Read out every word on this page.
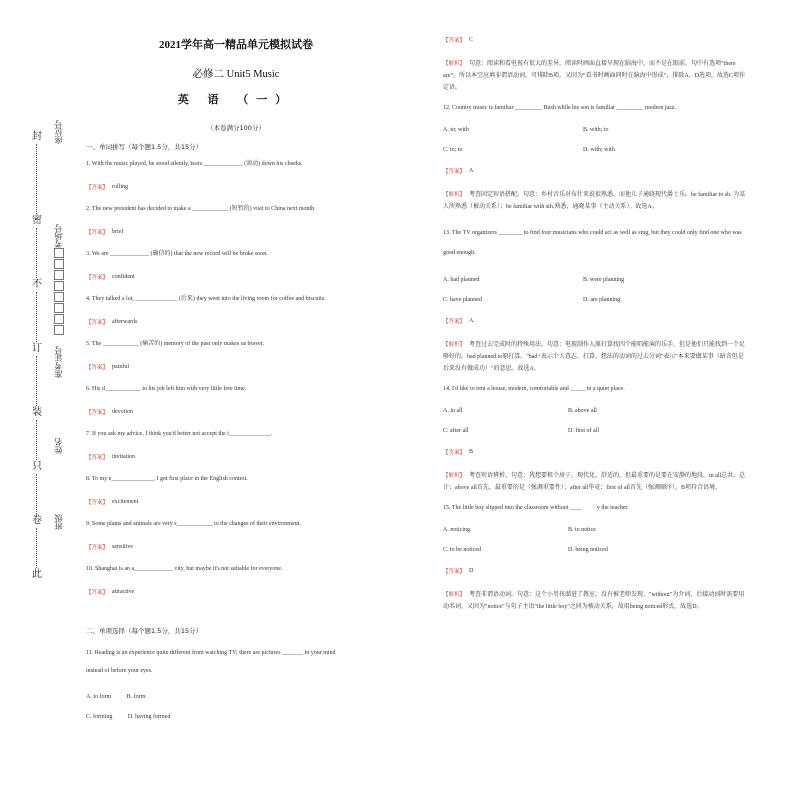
封
密
不
订
装
只
卷
此
座位号
考场号
准考证号
姓名
班级
2021学年高一精品单元模拟试卷
必修二 Unit5 Music
英 语 （一）
（本卷满分100分）
一、单词拼写（每个题1.5分，共15分）
1. With the music played, he stood silently, tears _____________ (滚动) down his cheeks.
【答案】 rolling
2. The new president has decided to make a ____________ (短暂的) visit to China next month.
【答案】 brief
3. We are _____________ (确信的) that the new record will be broke soon.
【答案】 confident
4. They talked a lot, ______________ (后来) they went into the living room for coffee and biscuits.
【答案】 afterwards
5. The ____________ (痛苦的) memory of the past only makes us braver.
【答案】 painful
6. His d____________ to his job left him with very little free time.
【答案】 devotion
7. If you ask my advice, I think you'd better not accept the i______________.
【答案】 invitation
8. To my e______________, I got first place in the English contest.
【答案】 excitement
9. Some plants and animals are very s____________ to the changes of their environment.
【答案】 sensitive
10. Shanghai is an a_____________ city, but maybe it's not suitable for everyone.
【答案】 attractive
二、单项选择（每个题1.5分，共15分）
11. Reading is an experience quite different from watching TV; there are pictures _______ in your mind
instead of before your eyes.
A. to form	B. form
C. forming	D. having formed
【答案】 C
【解析】 句意：阅读和看电视有很大的差异，阅读时画面直接呈现在脑海中，而不是在眼前。句中有选项“there are”，所以本空应填非谓语动词，可排除B项。又因为“看书时画面同时在脑海中形成”，排除A、D选项，故选C项作定语。
12. Country music is familiar _________ Bush while his son is familiar _________ modern jazz.
A. to; with	B. with; to
C. to; to	D. with; with
【答案】 A
【解析】 考查固定短语搭配。句意：乡村音乐对布什来说很熟悉，而他儿子通晓现代爵士乐。be familiar to sb. 为某人所熟悉（被动关系）；be familiar with sth.熟悉，通晓某事（主动关系）。故选A。
13. The TV organizers ________ to find four musicians who could act as well as sing, but they could only find one who was good enough.
A. had planned	B. were planning
C. have planned	D. are planning
【答案】 A
【解析】 考查过去完成时的特殊用法。句意：电视制作人原打算找四个能唱能演的乐手，但是他们只能找到一个足够好的。had planned to原打算。"had+表示个人意志、打算、想法的动词的过去分词"表示"本来要做某事（暗含但是后来没有做成功）"的意思。故选A。
14. I'd like to rent a house, modern, comfortable and _____ in a quiet place.
A. in all	B. above all
C. after all	D. first of all
【答案】 B
【解析】 考查短语辨析。句意：我想要租个房子，现代化、舒适的，但最重要的是要在安静的地段。in all总共，总计；above all首先，最重要的是（强调重要性）；after all毕竟；first of all首先（强调顺序）。B项符合语境。
15. The little boy slipped into the classroom without ____          y the teacher.
A. noticing	B. to notice
C. to be noticed	D. being noticed
【答案】 D
【解析】 考查非谓语动词。句意：这个小男孩溜进了教室，没有被老师发现。"without"为介词，后接动词时需要用动名词，又因为"notice"与句子主语"the little boy"之间为被动关系，故用being noticed形式。故选D。
